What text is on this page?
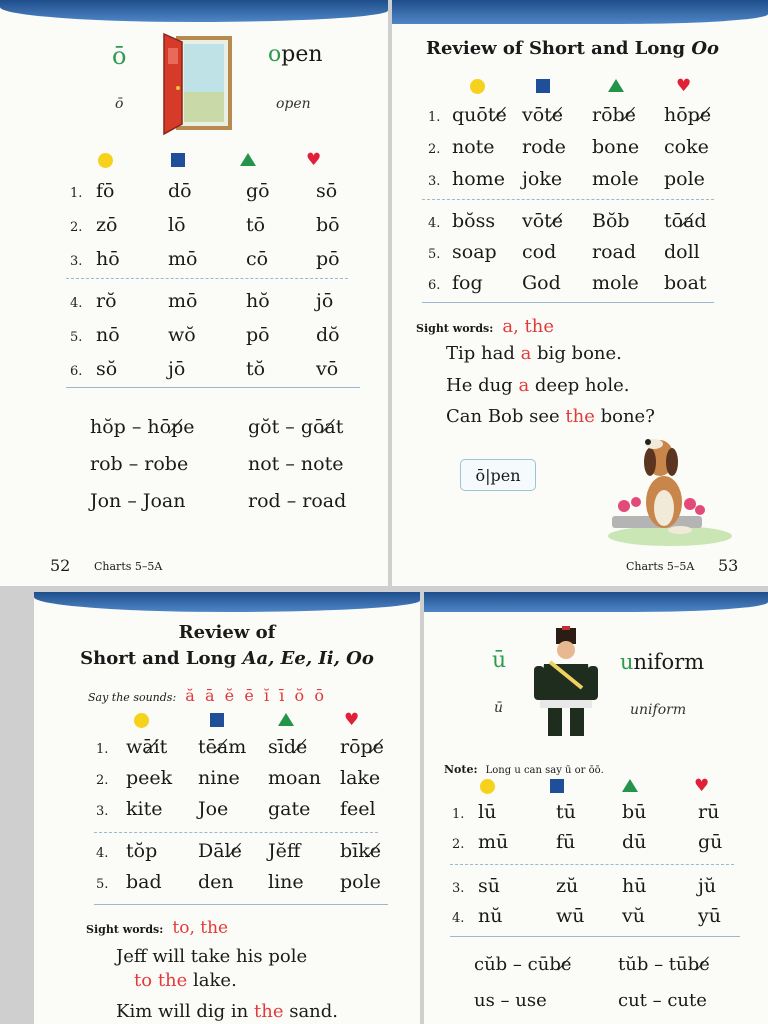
ō
ō
open
open
♥
1. fō	dō	gō	sō
2. zō	lō	tō	bō
3. hō	mō	cō	pō
4. rŏ	mō	hŏ	jō
5. nō	wŏ	pō	dŏ
6. sŏ	jō	tŏ	vō
hŏp – hōp̸e	gŏt – gōa̸t
rob – robe	not – note
Jon – Joan	rod – road
52 Charts 5–5A
Review of Short and Long Oo
♥
1. quōte̸ vōte̸	rōbe̸	hōpe̸
2. note	rode	bone	coke
3. home joke	mole	pole
4. bŏss	vōte̸	Bŏb	tōa̸d
5. soap	cod	road	doll
6. fog	God	mole	boat
Sight words: a, the
Tip had a big bone.
He dug a deep hole.
Can Bob see the bone?
ō|pen
Charts 5–5A 53
Review of
Short and Long Aa, Ee, Ii, Oo
Say the sounds: ă  ā  ĕ  ē  ĭ  ī  ŏ  ō
♥
1. wāi̸t	tēa̸m	sīde̸	rōpe̸
2. peek	nine	moan lake
3. kite	Joe	gate	feel
4. tŏp	Dāle̸	Jĕff	bīke̸
5. bad	den	line	pole
Sight words: to, the
Jeff will take his pole
to the lake.
Kim will dig in the sand.
ū
ū
uniform
uniform
Note: Long u can say ū or ōō.
♥
1. lū	tū	bū	rū
2. mū	fū	dū	gū
3. sū	zŭ	hū	jŭ
4. nŭ	wū	vŭ	yū
cŭb – cūbe̸	tŭb – tūbe̸
us – use	cut – cute
